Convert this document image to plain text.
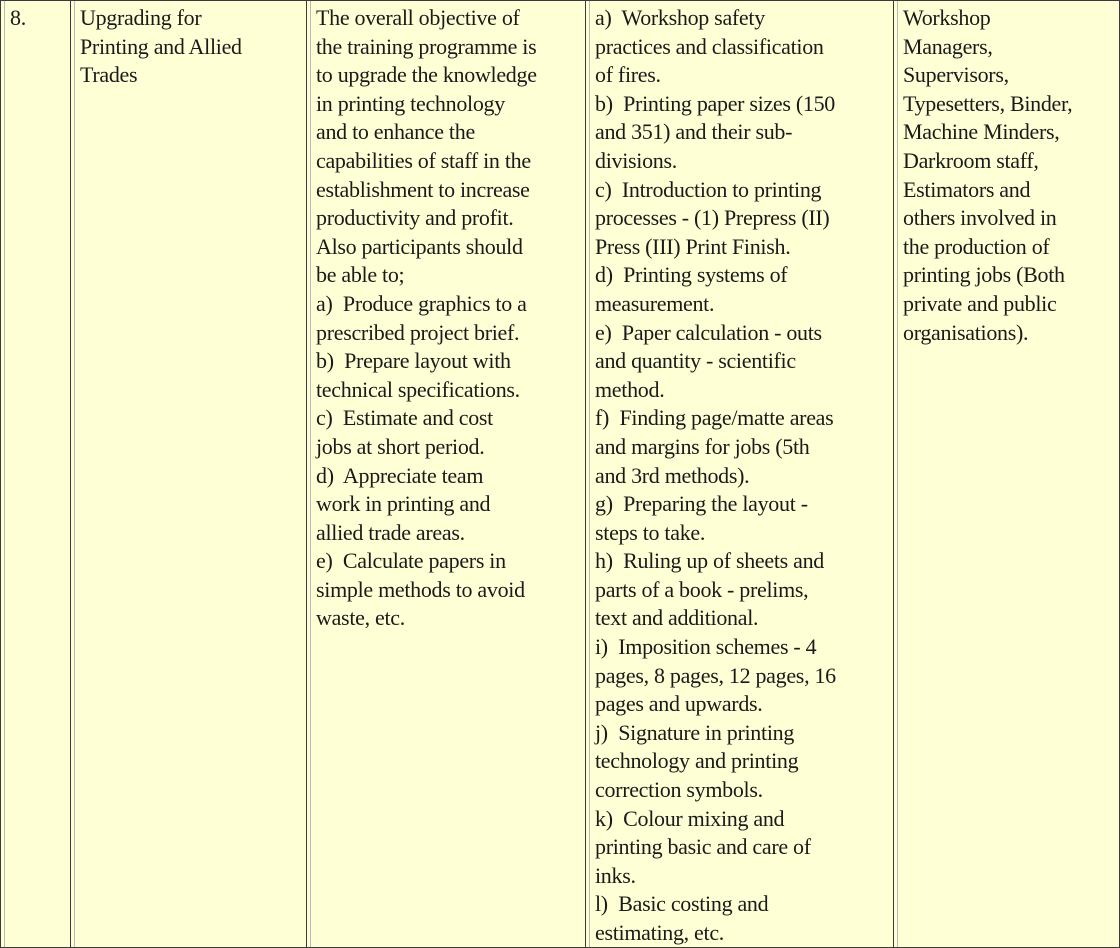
8.	Upgrading for
Printing and Allied
Trades
The overall objective of
the training programme is
to upgrade the knowledge
in printing technology
and to enhance the
capabilities of staff in the
establishment to increase
productivity and profit.
Also participants should
be able to;
a)  Produce graphics to a
prescribed project brief.
b)  Prepare layout with
technical specifications.
c)  Estimate and cost
jobs at short period.
d)  Appreciate team
work in printing and
allied trade areas.
e)  Calculate papers in
simple methods to avoid
waste, etc.
a)  Workshop safety
practices and classification
of fires.
b)  Printing paper sizes (150
and 351) and their sub-
divisions.
c)  Introduction to printing
processes - (1) Prepress (II)
Press (III) Print Finish.
d)  Printing systems of
measurement.
e)  Paper calculation - outs
and quantity - scientific
method.
f)  Finding page/matte areas
and margins for jobs (5th
and 3rd methods).
g)  Preparing the layout -
steps to take.
h)  Ruling up of sheets and
parts of a book - prelims,
text and additional.
i)  Imposition schemes - 4
pages, 8 pages, 12 pages, 16
pages and upwards.
j)  Signature in printing
technology and printing
correction symbols.
k)  Colour mixing and
printing basic and care of
inks.
l)  Basic costing and
estimating, etc.
Workshop
Managers,
Supervisors,
Typesetters, Binder,
Machine Minders,
Darkroom staff,
Estimators and
others involved in
the production of
printing jobs (Both
private and public
organisations).
